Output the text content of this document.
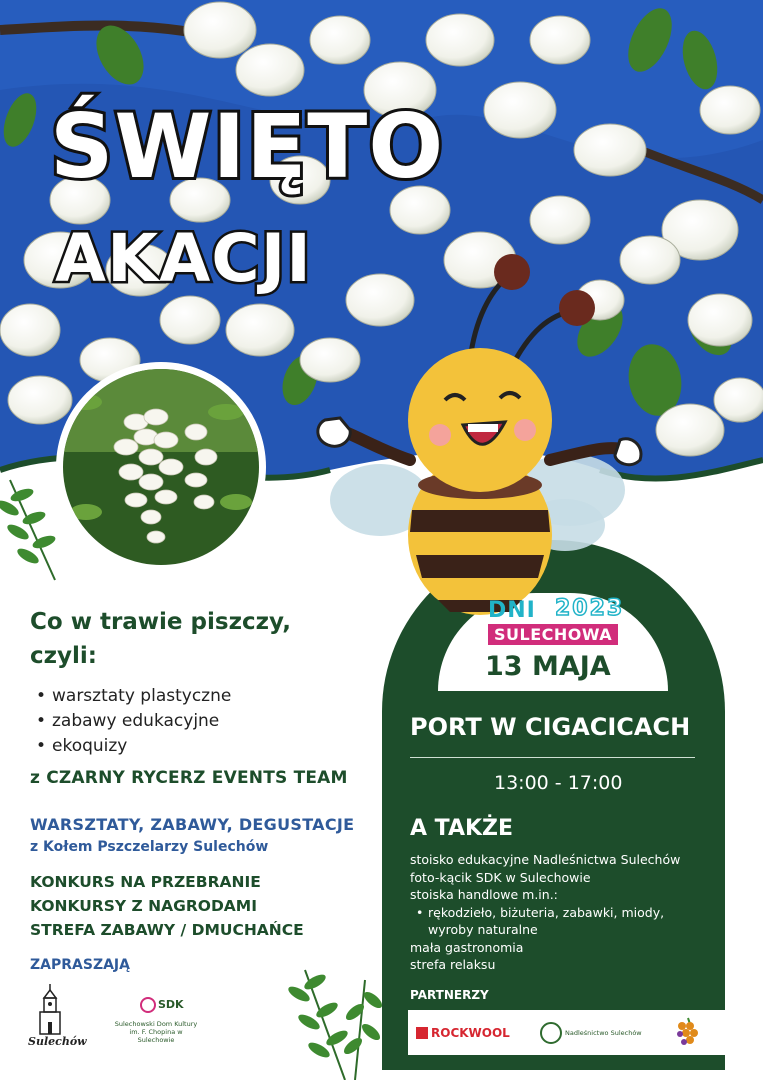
ŚWIĘTO
AKACJI
DNI 2023
SULECHOWA
13 MAJA
PORT W CIGACICACH
13:00 - 17:00
A TAKŻE
stoisko edukacyjne Nadleśnictwa Sulechów
foto-kącik SDK w Sulechowie
stoiska handlowe m.in.:
• rękodzieło, biżuteria, zabawki, miody, wyroby naturalne
mała gastronomia
strefa relaksu
PARTNERZY
ROCKWOOL	Nadleśnictwo Sulechów
Co w trawie piszczy,
czyli:
• warsztaty plastyczne
• zabawy edukacyjne
• ekoquizy
z CZARNY RYCERZ EVENTS TEAM
WARSZTATY, ZABAWY, DEGUSTACJE
z Kołem Pszczelarzy Sulechów
KONKURS NA PRZEBRANIE
KONKURSY Z NAGRODAMI
STREFA ZABAWY / DMUCHAŃCE
ZAPRASZAJĄ
Sulechów
SDK
Sulechowski Dom Kultury im. F. Chopina w Sulechowie
